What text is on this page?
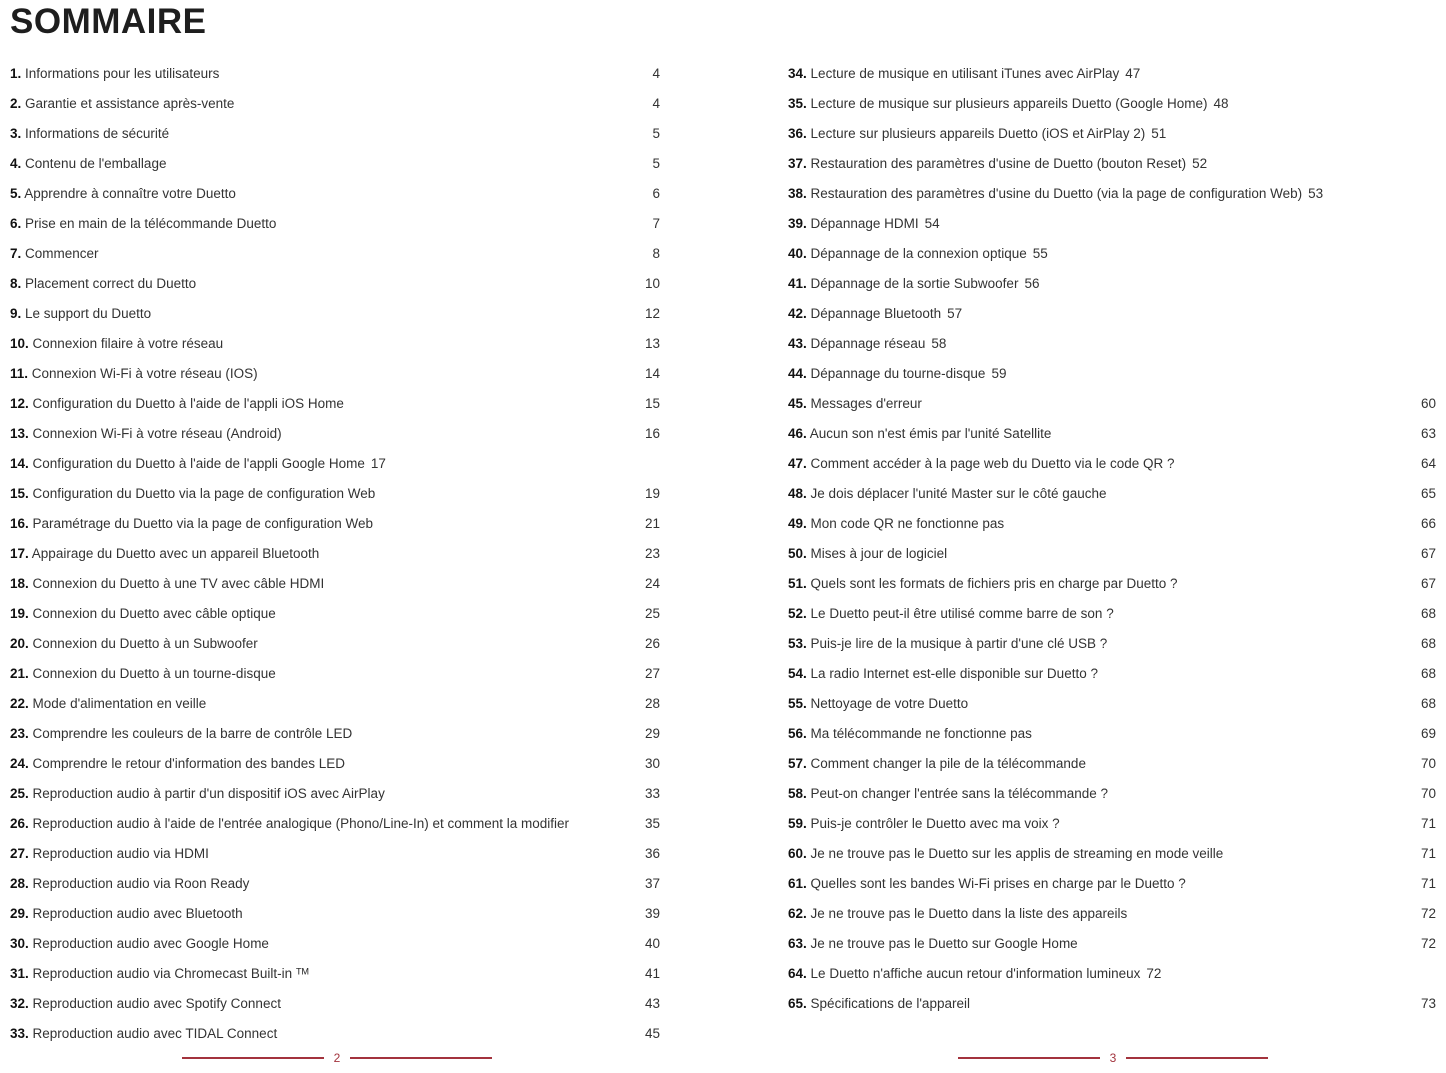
SOMMAIRE
1. Informations pour les utilisateurs	4
2. Garantie et assistance après-vente	4
3. Informations de sécurité	5
4. Contenu de l'emballage	5
5. Apprendre à connaître votre Duetto	6
6. Prise en main de la télécommande Duetto	7
7. Commencer	8
8. Placement correct du Duetto	10
9. Le support du Duetto	12
10. Connexion filaire à votre réseau	13
11. Connexion Wi-Fi à votre réseau (IOS)	14
12. Configuration du Duetto à l'aide de l'appli iOS Home	15
13. Connexion Wi-Fi à votre réseau (Android)	16
14. Configuration du Duetto à l'aide de l'appli Google Home 17
15. Configuration du Duetto via la page de configuration Web	19
16. Paramétrage du Duetto via la page de configuration Web	21
17. Appairage du Duetto avec un appareil Bluetooth	23
18. Connexion du Duetto à une TV avec câble HDMI	24
19. Connexion du Duetto avec câble optique	25
20. Connexion du Duetto à un Subwoofer	26
21. Connexion du Duetto à un tourne-disque	27
22. Mode d'alimentation en veille	28
23. Comprendre les couleurs de la barre de contrôle LED	29
24. Comprendre le retour d'information des bandes LED	30
25. Reproduction audio à partir d'un dispositif iOS avec AirPlay	33
26. Reproduction audio à l'aide de l'entrée analogique (Phono/Line-In) et comment la modifier	35
27. Reproduction audio via HDMI	36
28. Reproduction audio via Roon Ready	37
29. Reproduction audio avec Bluetooth	39
30. Reproduction audio avec Google Home	40
31. Reproduction audio via Chromecast Built-in ᵀᴹ	41
32. Reproduction audio avec Spotify Connect	43
33. Reproduction audio avec TIDAL Connect	45
34. Lecture de musique en utilisant iTunes avec AirPlay 47
35. Lecture de musique sur plusieurs appareils Duetto (Google Home) 48
36. Lecture sur plusieurs appareils Duetto (iOS et AirPlay 2) 51
37. Restauration des paramètres d'usine de Duetto (bouton Reset) 52
38. Restauration des paramètres d'usine du Duetto (via la page de configuration Web) 53
39. Dépannage HDMI 54
40. Dépannage de la connexion optique 55
41. Dépannage de la sortie Subwoofer 56
42. Dépannage Bluetooth 57
43. Dépannage réseau 58
44. Dépannage du tourne-disque 59
45. Messages d'erreur	60
46. Aucun son n'est émis par l'unité Satellite	63
47. Comment accéder à la page web du Duetto via le code QR ?	64
48. Je dois déplacer l'unité Master sur le côté gauche	65
49. Mon code QR ne fonctionne pas	66
50. Mises à jour de logiciel	67
51. Quels sont les formats de fichiers pris en charge par Duetto ?	67
52. Le Duetto peut-il être utilisé comme barre de son ?	68
53. Puis-je lire de la musique à partir d'une clé USB ?	68
54. La radio Internet est-elle disponible sur Duetto ?	68
55. Nettoyage de votre Duetto	68
56. Ma télécommande ne fonctionne pas	69
57. Comment changer la pile de la télécommande	70
58. Peut-on changer l'entrée sans la télécommande ?	70
59. Puis-je contrôler le Duetto avec ma voix ?	71
60. Je ne trouve pas le Duetto sur les applis de streaming en mode veille	71
61. Quelles sont les bandes Wi-Fi prises en charge par le Duetto ?	71
62. Je ne trouve pas le Duetto dans la liste des appareils	72
63. Je ne trouve pas le Duetto sur Google Home	72
64. Le Duetto n'affiche aucun retour d'information lumineux 72
65. Spécifications de l'appareil	73
2	3
